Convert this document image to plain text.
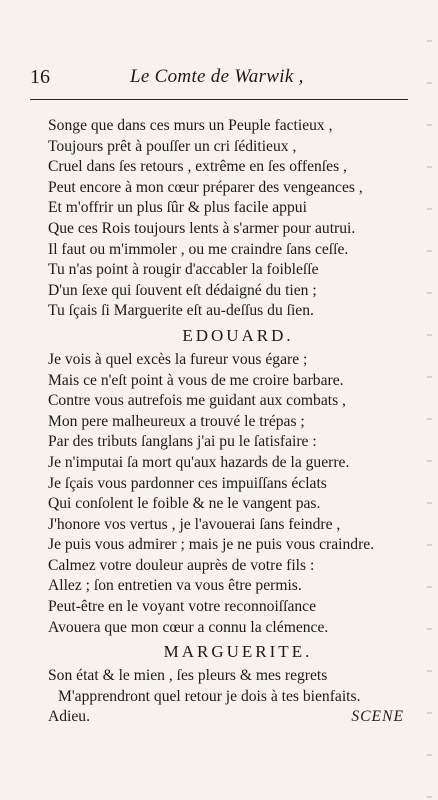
16	Le Comte de Warwik ,

Songe que dans ces murs un Peuple factieux ,

Toujours prêt à pouſſer un cri ſéditieux ,

Cruel dans ſes retours , extrême en ſes offenſes ,

Peut encore à mon cœur préparer des vengeances ,

Et m'offrir un plus ſûr & plus facile appui

Que ces Rois toujours lents à s'armer pour autrui.

Il faut ou m'immoler , ou me craindre ſans ceſſe.

Tu n'as point à rougir d'accabler la foibleſſe

D'un ſexe qui ſouvent eſt dédaigné du tien ;

Tu ſçais ſi Marguerite eſt au-deſſus du ſien.

EDOUARD.

Je vois à quel excès la fureur vous égare ;

Mais ce n'eſt point à vous de me croire barbare.

Contre vous autrefois me guidant aux combats ,

Mon pere malheureux a trouvé le trépas ;

Par des tributs ſanglans j'ai pu le ſatisfaire :

Je n'imputai ſa mort qu'aux hazards de la guerre.

Je ſçais vous pardonner ces impuiſſans éclats

Qui conſolent le foible & ne le vangent pas.

J'honore vos vertus , je l'avouerai ſans feindre ,

Je puis vous admirer ; mais je ne puis vous craindre.

Calmez votre douleur auprès de votre fils :

Allez ; ſon entretien va vous être permis.

Peut-être en le voyant votre reconnoiſſance

Avouera que mon cœur a connu la clémence.

MARGUERITE.

Son état & le mien , ſes pleurs & mes regrets

M'apprendront quel retour je dois à tes bienfaits.

Adieu.	SCENE
